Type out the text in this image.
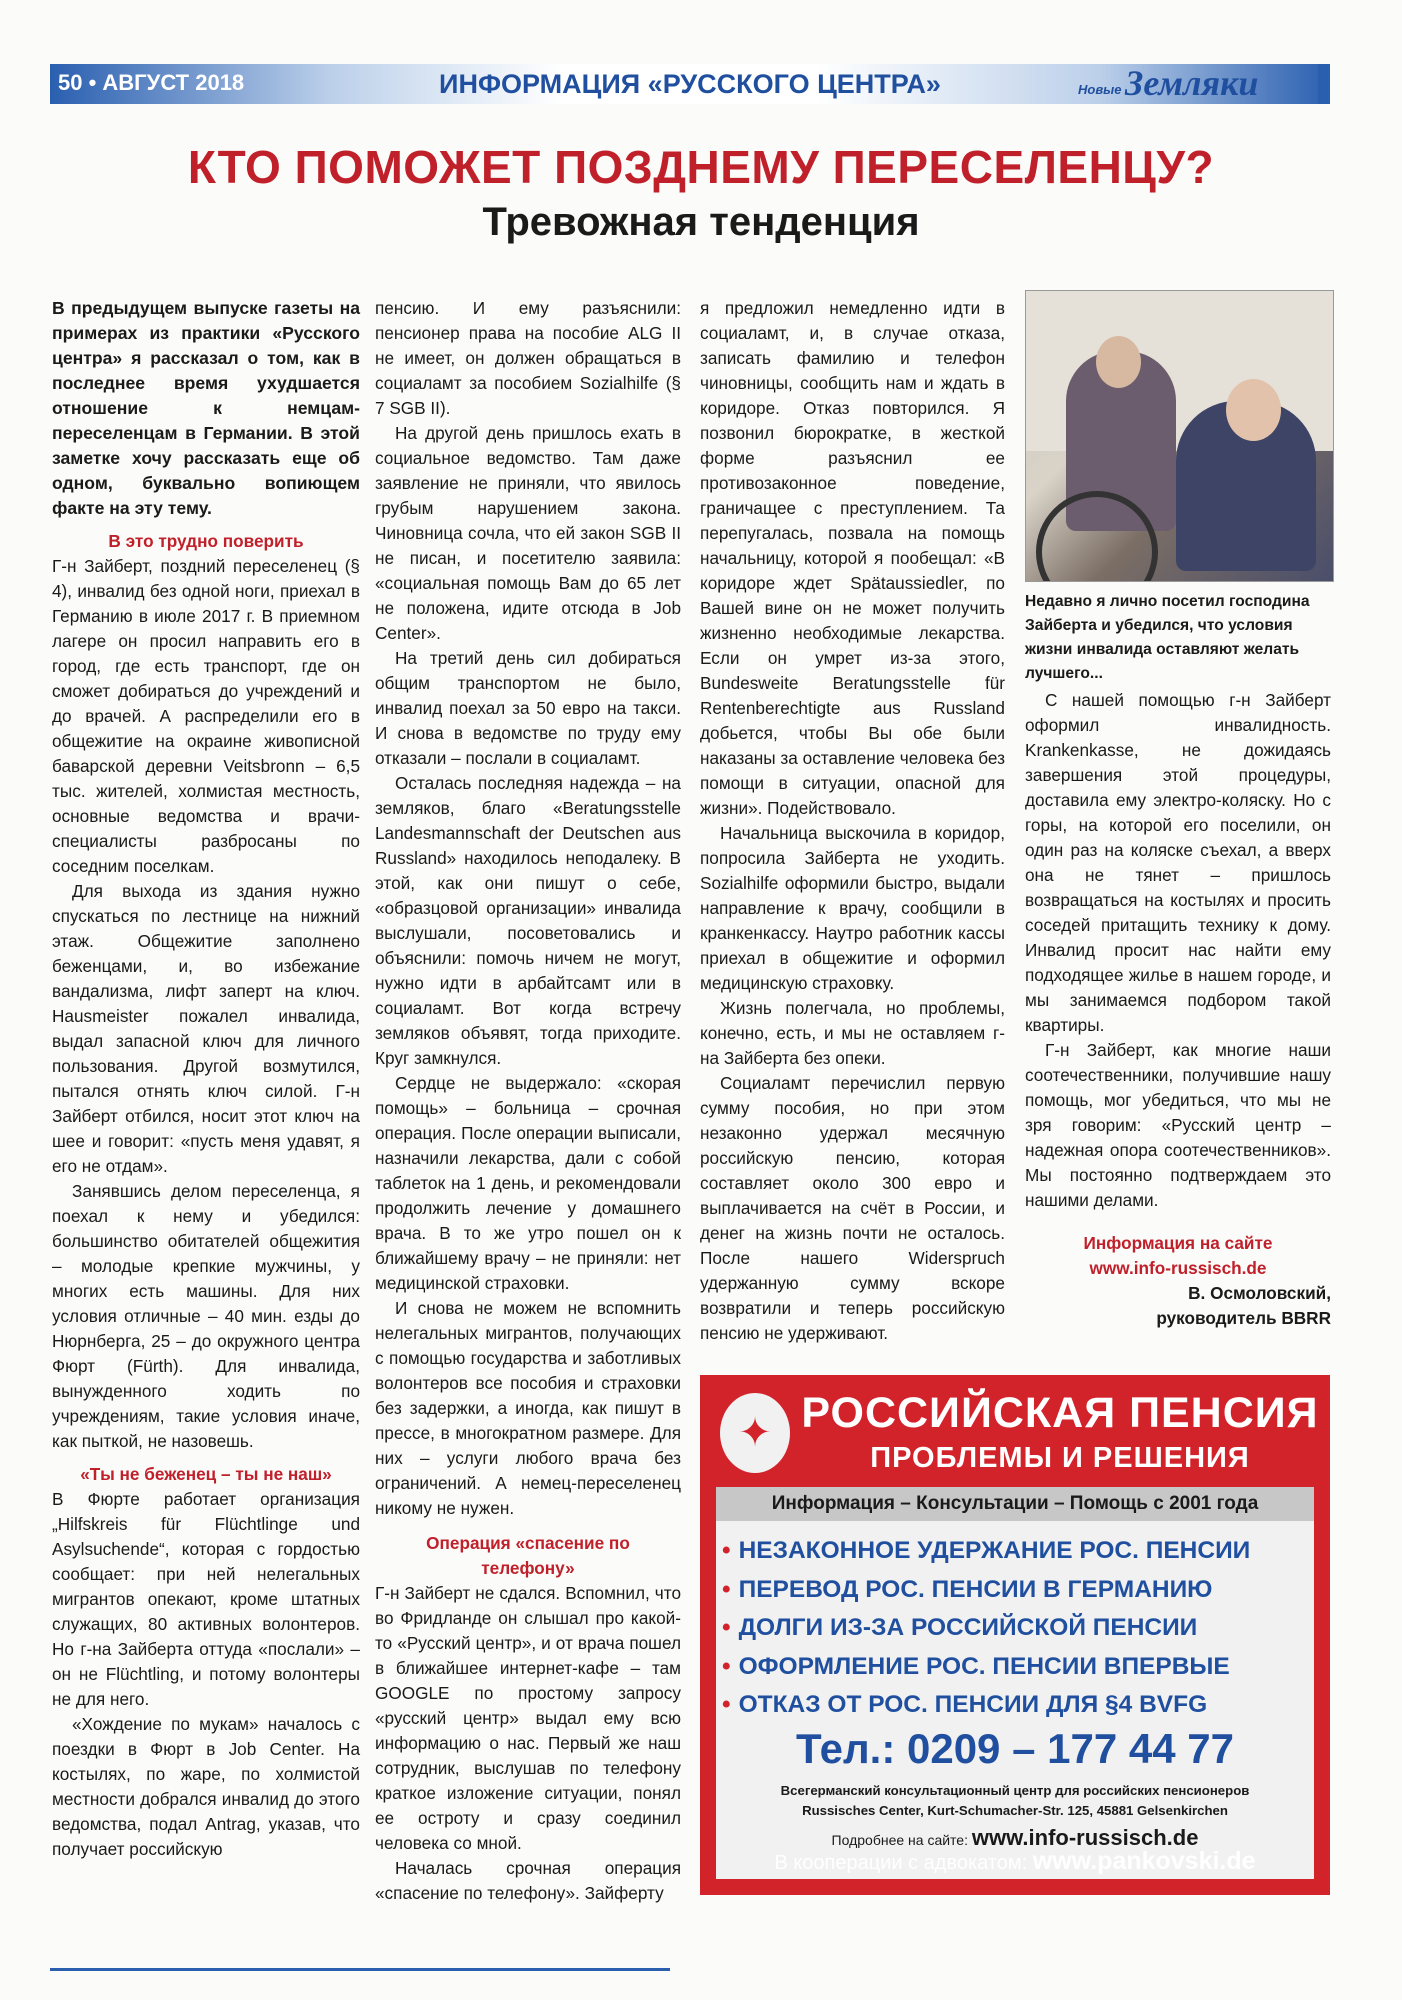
50 • АВГУСТ 2018	ИНФОРМАЦИЯ «РУССКОГО ЦЕНТРА»	Новые Земляки
КТО ПОМОЖЕТ ПОЗДНЕМУ ПЕРЕСЕЛЕНЦУ?
Тревожная тенденция

В предыдущем выпуске газеты на примерах из практики «Русского центра» я рассказал о том, как в последнее время ухудшается отношение к немцам-переселенцам в Германии. В этой заметке хочу рассказать еще об одном, буквально вопиющем факте на эту тему.

В это трудно поверить

Г-н Зайберт, поздний переселенец (§ 4), инвалид без одной ноги, приехал в Германию в июле 2017 г. В приемном лагере он просил направить его в город, где есть транспорт, где он сможет добираться до учреждений и до врачей. А распределили его в общежитие на окраине живописной баварской деревни Veitsbronn – 6,5 тыс. жителей, холмистая местность, основные ведомства и врачи-специалисты разбросаны по соседним поселкам.

Для выхода из здания нужно спускаться по лестнице на нижний этаж. Общежитие заполнено беженцами, и, во избежание вандализма, лифт заперт на ключ. Hausmeister пожалел инвалида, выдал запасной ключ для личного пользования. Другой возмутился, пытался отнять ключ силой. Г-н Зайберт отбился, носит этот ключ на шее и говорит: «пусть меня удавят, я его не отдам».

Занявшись делом переселенца, я поехал к нему и убедился: большинство обитателей общежития – молодые крепкие мужчины, у многих есть машины. Для них условия отличные – 40 мин. езды до Нюрнберга, 25 – до окружного центра Фюрт (Fürth). Для инвалида, вынужденного ходить по учреждениям, такие условия иначе, как пыткой, не назовешь.

«Ты не беженец – ты не наш»

В Фюрте работает организация „Hilfskreis für Flüchtlinge und Asylsuchende“, которая с гордостью сообщает: при ней нелегальных мигрантов опекают, кроме штатных служащих, 80 активных волонтеров. Но г-на Зайберта оттуда «послали» – он не Flüchtling, и потому волонтеры не для него.

«Хождение по мукам» началось с поездки в Фюрт в Job Center. На костылях, по жаре, по холмистой местности добрался инвалид до этого ведомства, подал Antrag, указав, что получает российскую

пенсию. И ему разъяснили: пенсионер права на пособие ALG II не имеет, он должен обращаться в социаламт за пособием Sozialhilfe (§ 7 SGB II).

На другой день пришлось ехать в социальное ведомство. Там даже заявление не приняли, что явилось грубым нарушением закона. Чиновница сочла, что ей закон SGB II не писан, и посетителю заявила: «социальная помощь Вам до 65 лет не положена, идите отсюда в Job Center».

На третий день сил добираться общим транспортом не было, инвалид поехал за 50 евро на такси. И снова в ведомстве по труду ему отказали – послали в социаламт.

Осталась последняя надежда – на земляков, благо «Beratungsstelle Landesmannschaft der Deutschen aus Russland» находилось неподалеку. В этой, как они пишут о себе, «образцовой организации» инвалида выслушали, посоветовались и объяснили: помочь ничем не могут, нужно идти в арбайтсамт или в социаламт. Вот когда встречу земляков объявят, тогда приходите. Круг замкнулся.

Сердце не выдержало: «скорая помощь» – больница – срочная операция. После операции выписали, назначили лекарства, дали с собой таблеток на 1 день, и рекомендовали продолжить лечение у домашнего врача. В то же утро пошел он к ближайшему врачу – не приняли: нет медицинской страховки.

И снова не можем не вспомнить нелегальных мигрантов, получающих с помощью государства и заботливых волонтеров все пособия и страховки без задержки, а иногда, как пишут в прессе, в многократном размере. Для них – услуги любого врача без ограничений. А немец-переселенец никому не нужен.

Операция «спасение по телефону»

Г-н Зайберт не сдался. Вспомнил, что во Фридланде он слышал про какой-то «Русский центр», и от врача пошел в ближайшее интернет-кафе – там GOOGLE по простому запросу «русский центр» выдал ему всю информацию о нас. Первый же наш сотрудник, выслушав по телефону краткое изложение ситуации, понял ее остроту и сразу соединил человека со мной.

Началась срочная операция «спасение по телефону». Зайферту

я предложил немедленно идти в социаламт, и, в случае отказа, записать фамилию и телефон чиновницы, сообщить нам и ждать в коридоре. Отказ повторился. Я позвонил бюрократке, в жесткой форме разъяснил ее противозаконное поведение, граничащее с преступлением. Та перепугалась, позвала на помощь начальницу, которой я пообещал: «В коридоре ждет Spätaussiedler, по Вашей вине он не может получить жизненно необходимые лекарства. Если он умрет из-за этого, Bundesweite Beratungsstelle für Rentenberechtigte aus Russland добьется, чтобы Вы обе были наказаны за оставление человека без помощи в ситуации, опасной для жизни». Подействовало.

Начальница выскочила в коридор, попросила Зайберта не уходить. Sozialhilfe оформили быстро, выдали направление к врачу, сообщили в кранкенкассу. Наутро работник кассы приехал в общежитие и оформил медицинскую страховку.

Жизнь полегчала, но проблемы, конечно, есть, и мы не оставляем г-на Зайберта без опеки.

Социаламт перечислил первую сумму пособия, но при этом незаконно удержал месячную российскую пенсию, которая составляет около 300 евро и выплачивается на счёт в России, и денег на жизнь почти не осталось. После нашего Widerspruch удержанную сумму вскоре возвратили и теперь российскую пенсию не удерживают.

Недавно я лично посетил господина Зайберта и убедился, что условия жизни инвалида оставляют желать лучшего...

С нашей помощью г-н Зайберт оформил инвалидность. Krankenkasse, не дожидаясь завершения этой процедуры, доставила ему электро-коляску. Но с горы, на которой его поселили, он один раз на коляске съехал, а вверх она не тянет – пришлось возвращаться на костылях и просить соседей притащить технику к дому. Инвалид просит нас найти ему подходящее жилье в нашем городе, и мы занимаемся подбором такой квартиры.

Г-н Зайберт, как многие наши соотечественники, получившие нашу помощь, мог убедиться, что мы не зря говорим: «Русский центр – надежная опора соотечественников». Мы постоянно подтверждаем это нашими делами.

Информация на сайте
www.info-russisch.de
В. Осмоловский,
руководитель BBRR
✦ РОССИЙСКАЯ ПЕНСИЯ
ПРОБЛЕМЫ И РЕШЕНИЯ
Информация – Консультации – Помощь с 2001 года
• НЕЗАКОННОЕ УДЕРЖАНИЕ РОС. ПЕНСИИ
• ПЕРЕВОД РОС. ПЕНСИИ В ГЕРМАНИЮ
• ДОЛГИ ИЗ-ЗА РОССИЙСКОЙ ПЕНСИИ
• ОФОРМЛЕНИЕ РОС. ПЕНСИИ ВПЕРВЫЕ
• ОТКАЗ ОТ РОС. ПЕНСИИ ДЛЯ §4 BVFG
Тел.: 0209 – 177 44 77
Всегерманский консультационный центр для российских пенсионеров
Russisches Center, Kurt-Schumacher-Str. 125, 45881 Gelsenkirchen
Подробнее на сайте: www.info-russisch.de
В кооперации с адвокатом: www.pankovski.de
